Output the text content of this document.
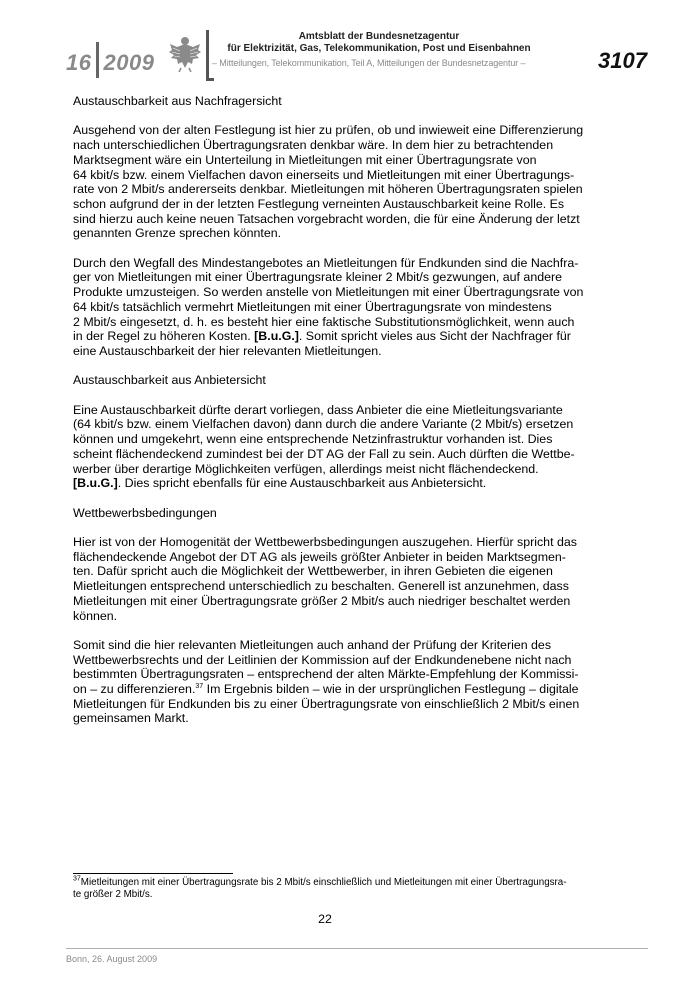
16 2009
Amtsblatt der Bundesnetzagentur
für Elektrizität, Gas, Telekommunikation, Post und Eisenbahnen
– Mitteilungen, Telekommunikation, Teil A, Mitteilungen der Bundesnetzagentur –	3107
Austauschbarkeit aus Nachfragersicht

Ausgehend von der alten Festlegung ist hier zu prüfen, ob und inwieweit eine Differenzierung
nach unterschiedlichen Übertragungsraten denkbar wäre. In dem hier zu betrachtenden
Marktsegment wäre ein Unterteilung in Mietleitungen mit einer Übertragungsrate von
64 kbit/s bzw. einem Vielfachen davon einerseits und Mietleitungen mit einer Übertragungs-
rate von 2 Mbit/s andererseits denkbar. Mietleitungen mit höheren Übertragungsraten spielen
schon aufgrund der in der letzten Festlegung verneinten Austauschbarkeit keine Rolle. Es
sind hierzu auch keine neuen Tatsachen vorgebracht worden, die für eine Änderung der letzt
genannten Grenze sprechen könnten.

Durch den Wegfall des Mindestangebotes an Mietleitungen für Endkunden sind die Nachfra-
ger von Mietleitungen mit einer Übertragungsrate kleiner 2 Mbit/s gezwungen, auf andere
Produkte umzusteigen. So werden anstelle von Mietleitungen mit einer Übertragungsrate von
64 kbit/s tatsächlich vermehrt Mietleitungen mit einer Übertragungsrate von mindestens
2 Mbit/s eingesetzt, d. h. es besteht hier eine faktische Substitutionsmöglichkeit, wenn auch
in der Regel zu höheren Kosten. [B.u.G.]. Somit spricht vieles aus Sicht der Nachfrager für
eine Austauschbarkeit der hier relevanten Mietleitungen.

Austauschbarkeit aus Anbietersicht

Eine Austauschbarkeit dürfte derart vorliegen, dass Anbieter die eine Mietleitungsvariante
(64 kbit/s bzw. einem Vielfachen davon) dann durch die andere Variante (2 Mbit/s) ersetzen
können und umgekehrt, wenn eine entsprechende Netzinfrastruktur vorhanden ist. Dies
scheint flächendeckend zumindest bei der DT AG der Fall zu sein. Auch dürften die Wettbe-
werber über derartige Möglichkeiten verfügen, allerdings meist nicht flächendeckend.
[B.u.G.]. Dies spricht ebenfalls für eine Austauschbarkeit aus Anbietersicht.

Wettbewerbsbedingungen

Hier ist von der Homogenität der Wettbewerbsbedingungen auszugehen. Hierfür spricht das
flächendeckende Angebot der DT AG als jeweils größter Anbieter in beiden Marktsegmen-
ten. Dafür spricht auch die Möglichkeit der Wettbewerber, in ihren Gebieten die eigenen
Mietleitungen entsprechend unterschiedlich zu beschalten. Generell ist anzunehmen, dass
Mietleitungen mit einer Übertragungsrate größer 2 Mbit/s auch niedriger beschaltet werden
können.

Somit sind die hier relevanten Mietleitungen auch anhand der Prüfung der Kriterien des
Wettbewerbsrechts und der Leitlinien der Kommission auf der Endkundenebene nicht nach
bestimmten Übertragungsraten – entsprechend der alten Märkte-Empfehlung der Kommissi-
on – zu differenzieren.$^{37}$ Im Ergebnis bilden – wie in der ursprünglichen Festlegung – digitale
Mietleitungen für Endkunden bis zu einer Übertragungsrate von einschließlich 2 Mbit/s einen
gemeinsamen Markt.

$^{37}$Mietleitungen mit einer Übertragungsrate bis 2 Mbit/s einschließlich und Mietleitungen mit einer Übertragungsra-
te größer 2 Mbit/s.
22
Bonn, 26. August 2009
